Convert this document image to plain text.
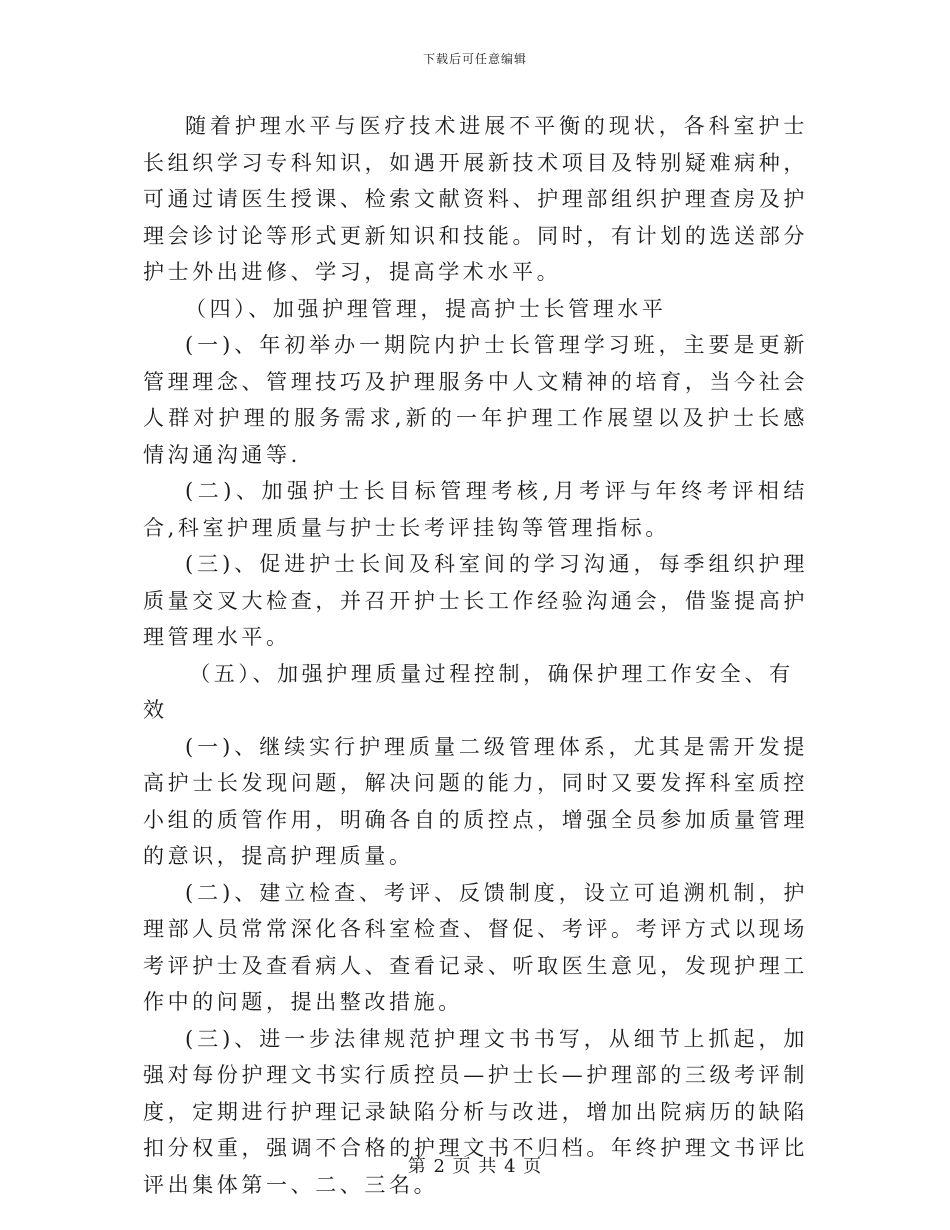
下载后可任意编辑

随着护理水平与医疗技术进展不平衡的现状，各科室护士长组织学习专科知识，如遇开展新技术项目及特别疑难病种，可通过请医生授课、检索文献资料、护理部组织护理查房及护理会诊讨论等形式更新知识和技能。同时，有计划的选送部分护士外出进修、学习，提高学术水平。

（四）、加强护理管理，提高护士长管理水平

(一)、年初举办一期院内护士长管理学习班，主要是更新管理理念、管理技巧及护理服务中人文精神的培育，当今社会人群对护理的服务需求,新的一年护理工作展望以及护士长感情沟通沟通等.

(二)、加强护士长目标管理考核,月考评与年终考评相结合,科室护理质量与护士长考评挂钩等管理指标。

(三)、促进护士长间及科室间的学习沟通，每季组织护理质量交叉大检查，并召开护士长工作经验沟通会，借鉴提高护理管理水平。

（五）、加强护理质量过程控制，确保护理工作安全、有效

(一)、继续实行护理质量二级管理体系，尤其是需开发提高护士长发现问题，解决问题的能力，同时又要发挥科室质控小组的质管作用，明确各自的质控点，增强全员参加质量管理的意识，提高护理质量。

(二)、建立检查、考评、反馈制度，设立可追溯机制，护理部人员常常深化各科室检查、督促、考评。考评方式以现场考评护士及查看病人、查看记录、听取医生意见，发现护理工作中的问题，提出整改措施。

(三)、进一步法律规范护理文书书写，从细节上抓起，加强对每份护理文书实行质控员—护士长—护理部的三级考评制度，定期进行护理记录缺陷分析与改进，增加出院病历的缺陷扣分权重，强调不合格的护理文书不归档。年终护理文书评比评出集体第一、二、三名。

第 2 页 共 4 页
